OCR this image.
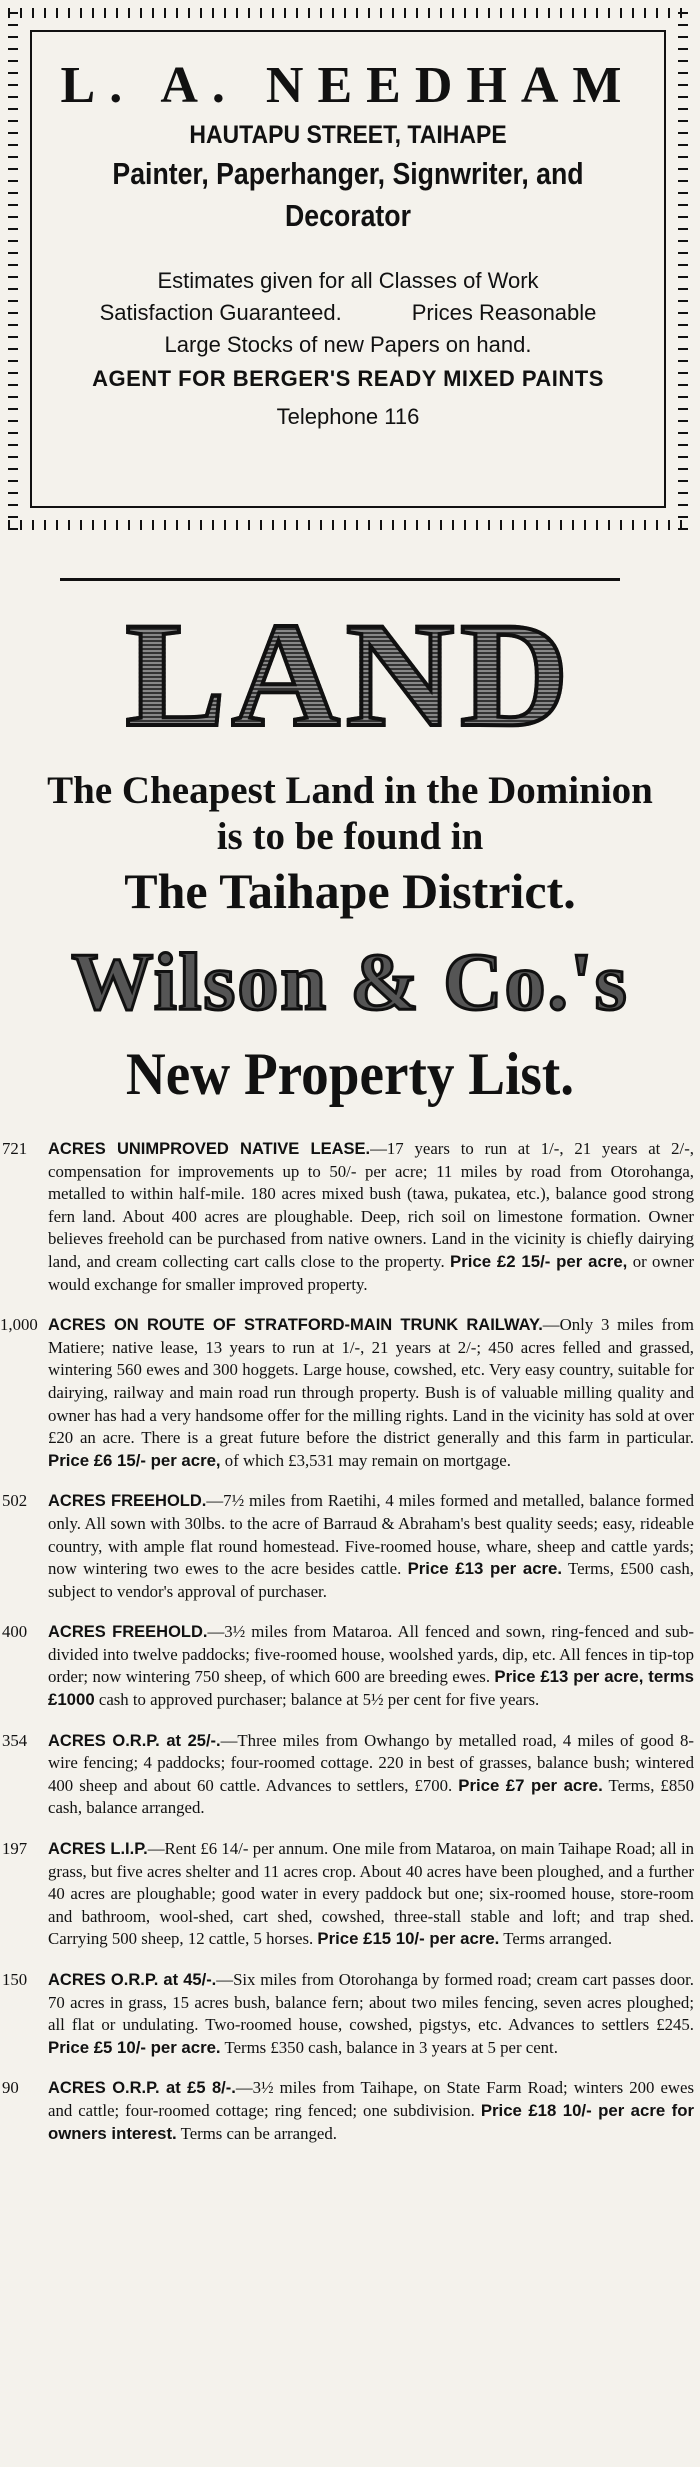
L. A. NEEDHAM
HAUTAPU STREET, TAIHAPE
Painter, Paperhanger, Signwriter, and
Decorator
Estimates given for all Classes of Work
Satisfaction Guaranteed.	Prices Reasonable
Large Stocks of new Papers on hand.
AGENT FOR BERGER'S READY MIXED PAINTS
Telephone 116
LAND
The Cheapest Land in the Dominion
is to be found in
The Taihape District.
Wilson & Co.'s
New Property List.
721 ACRES UNIMPROVED NATIVE LEASE.—17 years to run at 1/-, 21 years at 2/-, compensation for improvements up to 50/- per acre; 11 miles by road from Otorohanga, metalled to within half-mile. 180 acres mixed bush (tawa, pukatea, etc.), balance good strong fern land. About 400 acres are ploughable. Deep, rich soil on limestone formation. Owner believes freehold can be purchased from native owners. Land in the vicinity is chiefly dairying land, and cream collecting cart calls close to the property. Price £2 15/- per acre, or owner would exchange for smaller improved property.
1,000 ACRES ON ROUTE OF STRATFORD-MAIN TRUNK RAILWAY.—Only 3 miles from Matiere; native lease, 13 years to run at 1/-, 21 years at 2/-; 450 acres felled and grassed, wintering 560 ewes and 300 hoggets. Large house, cowshed, etc. Very easy country, suitable for dairying, railway and main road run through property. Bush is of valuable milling quality and owner has had a very handsome offer for the milling rights. Land in the vicinity has sold at over £20 an acre. There is a great future before the district generally and this farm in particular. Price £6 15/- per acre, of which £3,531 may remain on mortgage.
502 ACRES FREEHOLD.—7½ miles from Raetihi, 4 miles formed and metalled, balance formed only. All sown with 30lbs. to the acre of Barraud & Abraham's best quality seeds; easy, rideable country, with ample flat round homestead. Five-roomed house, whare, sheep and cattle yards; now wintering two ewes to the acre besides cattle. Price £13 per acre. Terms, £500 cash, subject to vendor's approval of purchaser.
400 ACRES FREEHOLD.—3½ miles from Mataroa. All fenced and sown, ring-fenced and sub-divided into twelve paddocks; five-roomed house, woolshed yards, dip, etc. All fences in tip-top order; now wintering 750 sheep, of which 600 are breeding ewes. Price £13 per acre, terms £1000 cash to approved purchaser; balance at 5½ per cent for five years.
354 ACRES O.R.P. at 25/-.—Three miles from Owhango by metalled road, 4 miles of good 8-wire fencing; 4 paddocks; four-roomed cottage. 220 in best of grasses, balance bush; wintered 400 sheep and about 60 cattle. Advances to settlers, £700. Price £7 per acre. Terms, £850 cash, balance arranged.
197 ACRES L.I.P.—Rent £6 14/- per annum. One mile from Mataroa, on main Taihape Road; all in grass, but five acres shelter and 11 acres crop. About 40 acres have been ploughed, and a further 40 acres are ploughable; good water in every paddock but one; six-roomed house, store-room and bathroom, wool-shed, cart shed, cowshed, three-stall stable and loft; and trap shed. Carrying 500 sheep, 12 cattle, 5 horses. Price £15 10/- per acre. Terms arranged.
150 ACRES O.R.P. at 45/-.—Six miles from Otorohanga by formed road; cream cart passes door. 70 acres in grass, 15 acres bush, balance fern; about two miles fencing, seven acres ploughed; all flat or undulating. Two-roomed house, cowshed, pigstys, etc. Advances to settlers £245. Price £5 10/- per acre. Terms £350 cash, balance in 3 years at 5 per cent.
90 ACRES O.R.P. at £5 8/-.—3½ miles from Taihape, on State Farm Road; winters 200 ewes and cattle; four-roomed cottage; ring fenced; one subdivision. Price £18 10/- per acre for owners interest. Terms can be arranged.
